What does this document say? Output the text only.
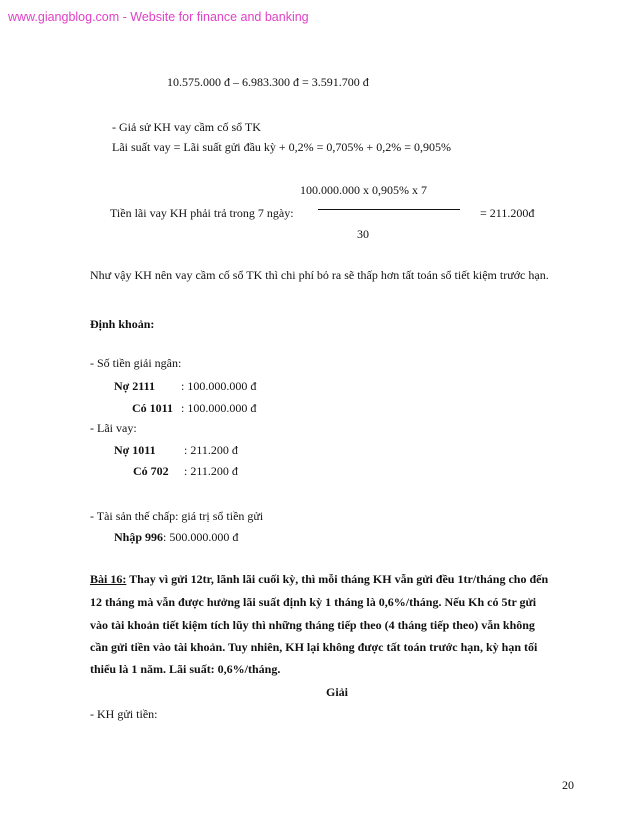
www.giangblog.com - Website for finance and banking
10.575.000 đ – 6.983.300 đ = 3.591.700 đ
- Giả sử KH vay cầm cố sổ TK
Lãi suất vay = Lãi suất gửi đầu kỳ + 0,2% = 0,705% + 0,2% = 0,905%
100.000.000 x 0,905% x 7
Tiền lãi vay KH phải trả trong 7 ngày:	= 211.200đ
30
Như vậy KH nên vay cầm cố sổ TK thì chi phí bỏ ra sẽ thấp hơn tất toán sổ tiết kiệm trước hạn.
Định khoản:
- Số tiền giải ngân:
Nợ 2111 : 100.000.000 đ
Có 1011 : 100.000.000 đ
- Lãi vay:
Nợ 1011 : 211.200 đ
Có 702 : 211.200 đ
- Tài sản thế chấp: giá trị sổ tiền gửi
Nhập 996: 500.000.000 đ
Bài 16: Thay vì gửi 12tr, lãnh lãi cuối kỳ, thì mỗi tháng KH vẫn gửi đều 1tr/tháng cho đến
12 tháng mà vẫn được hưởng lãi suất định kỳ 1 tháng là 0,6%/tháng. Nếu Kh có 5tr gửi
vào tài khoản tiết kiệm tích lũy thì những tháng tiếp theo (4 tháng tiếp theo) vẫn không
cần gửi tiền vào tài khoản. Tuy nhiên, KH lại không được tất toán trước hạn, kỳ hạn tối
thiểu là 1 năm. Lãi suất: 0,6%/tháng.
Giải
- KH gửi tiền:
20
